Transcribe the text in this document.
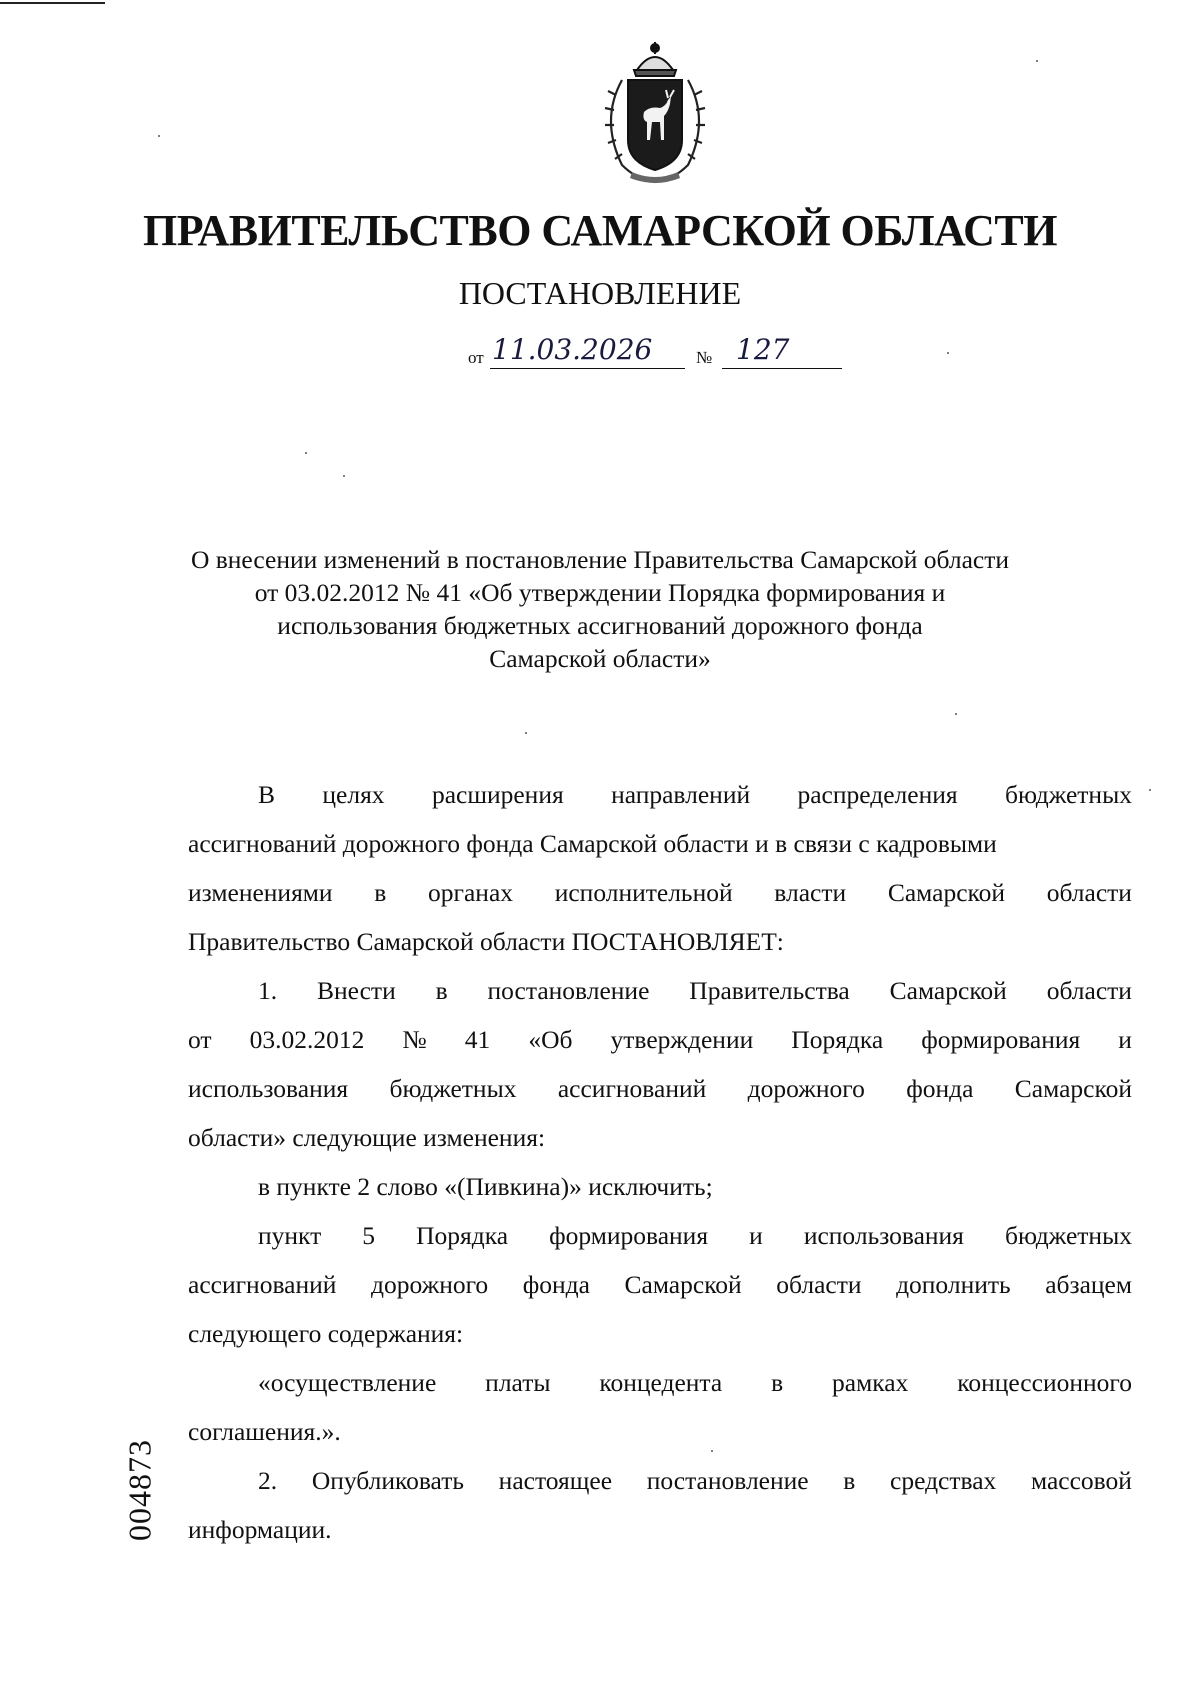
ПРАВИТЕЛЬСТВО САМАРСКОЙ ОБЛАСТИ
ПОСТАНОВЛЕНИЕ
от 11.03.2026	№ 127
О внесении изменений в постановление Правительства Самарской области
от 03.02.2012 № 41 «Об утверждении Порядка формирования и
использования бюджетных ассигнований дорожного фонда
Самарской области»
В целях расширения направлений распределения бюджетных
ассигнований дорожного фонда Самарской области и в связи с кадровыми
изменениями в органах исполнительной власти Самарской области
Правительство Самарской области ПОСТАНОВЛЯЕТ:
1. Внести в постановление Правительства Самарской области
от 03.02.2012 № 41 «Об утверждении Порядка формирования и
использования бюджетных ассигнований дорожного фонда Самарской
области» следующие изменения:
в пункте 2 слово «(Пивкина)» исключить;
пункт 5 Порядка формирования и использования бюджетных
ассигнований дорожного фонда Самарской области дополнить абзацем
следующего содержания:
«осуществление платы концедента в рамках концессионного
соглашения.».
2. Опубликовать настоящее постановление в средствах массовой
информации.
004873
